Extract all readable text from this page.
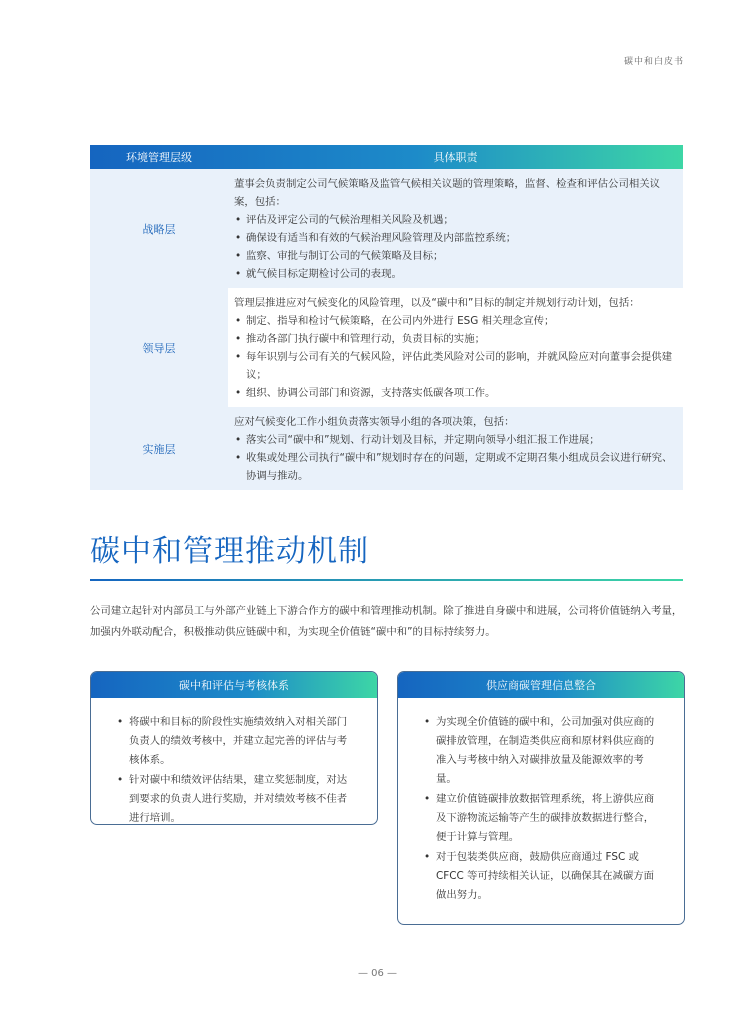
碳中和白皮书
环境管理层级	具体职责
战略层
董事会负责制定公司气候策略及监管气候相关议题的管理策略，监督、检查和评估公司相关议案，包括：
• 评估及评定公司的气候治理相关风险及机遇；
• 确保设有适当和有效的气候治理风险管理及内部监控系统；
• 监察、审批与制订公司的气候策略及目标；
• 就气候目标定期检讨公司的表现。
领导层
管理层推进应对气候变化的风险管理，以及“碳中和”目标的制定并规划行动计划，包括：
• 制定、指导和检讨气候策略，在公司内外进行 ESG 相关理念宣传；
• 推动各部门执行碳中和管理行动，负责目标的实施；
• 每年识别与公司有关的气候风险，评估此类风险对公司的影响，并就风险应对向董事会提供建议；
• 组织、协调公司部门和资源，支持落实低碳各项工作。
实施层
应对气候变化工作小组负责落实领导小组的各项决策，包括：
• 落实公司“碳中和”规划、行动计划及目标，并定期向领导小组汇报工作进展；
• 收集或处理公司执行“碳中和”规划时存在的问题，定期或不定期召集小组成员会议进行研究、协调与推动。
碳中和管理推动机制
公司建立起针对内部员工与外部产业链上下游合作方的碳中和管理推动机制。除了推进自身碳中和进展，公司将价值链纳入考量，加强内外联动配合，积极推动供应链碳中和，为实现全价值链“碳中和”的目标持续努力。
碳中和评估与考核体系
• 将碳中和目标的阶段性实施绩效纳入对相关部门负责人的绩效考核中，并建立起完善的评估与考核体系。
• 针对碳中和绩效评估结果，建立奖惩制度，对达到要求的负责人进行奖励，并对绩效考核不佳者进行培训。
供应商碳管理信息整合
• 为实现全价值链的碳中和，公司加强对供应商的碳排放管理，在制造类供应商和原材料供应商的准入与考核中纳入对碳排放量及能源效率的考量。
• 建立价值链碳排放数据管理系统，将上游供应商及下游物流运输等产生的碳排放数据进行整合，便于计算与管理。
• 对于包装类供应商，鼓励供应商通过 FSC 或 CFCC 等可持续相关认证，以确保其在减碳方面做出努力。
— 06 —
